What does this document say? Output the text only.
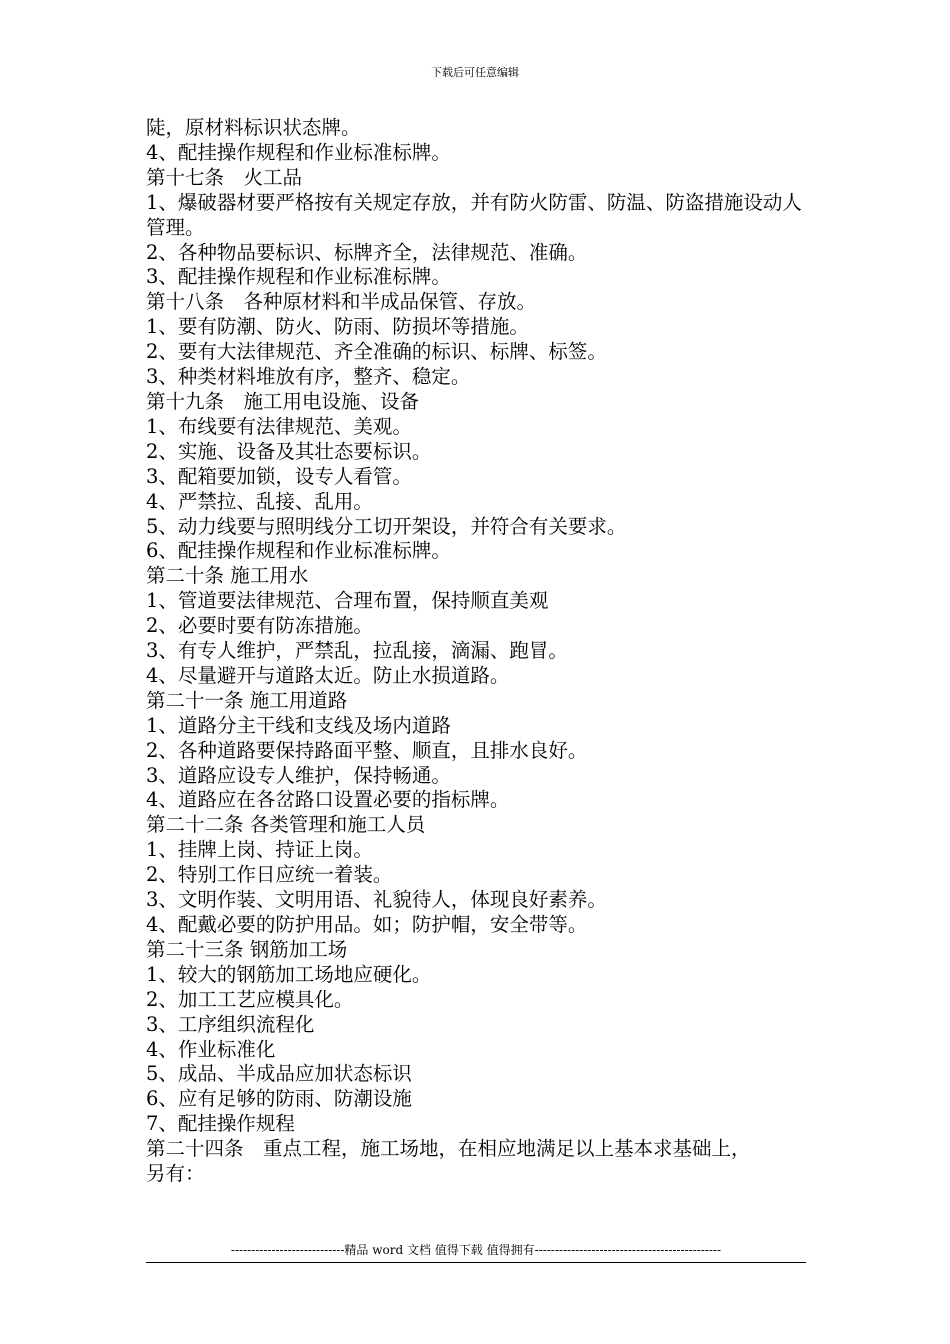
下载后可任意编辑
陡，原材料标识状态牌。
4、配挂操作规程和作业标准标牌。
第十七条　火工品
1、爆破器材要严格按有关规定存放，并有防火防雷、防温、防盗措施设动人管理。
2、各种物品要标识、标牌齐全，法律规范、准确。
3、配挂操作规程和作业标准标牌。
第十八条　各种原材料和半成品保管、存放。
1、要有防潮、防火、防雨、防损坏等措施。
2、要有大法律规范、齐全准确的标识、标牌、标签。
3、种类材料堆放有序，整齐、稳定。
第十九条　施工用电设施、设备
1、布线要有法律规范、美观。
2、实施、设备及其壮态要标识。
3、配箱要加锁，设专人看管。
4、严禁拉、乱接、乱用。
5、动力线要与照明线分工切开架设，并符合有关要求。
6、配挂操作规程和作业标准标牌。
第二十条 施工用水
1、管道要法律规范、合理布置，保持顺直美观
2、必要时要有防冻措施。
3、有专人维护，严禁乱，拉乱接，滴漏、跑冒。
4、尽量避开与道路太近。防止水损道路。
第二十一条 施工用道路
1、道路分主干线和支线及场内道路
2、各种道路要保持路面平整、顺直，且排水良好。
3、道路应设专人维护，保持畅通。
4、道路应在各岔路口设置必要的指标牌。
第二十二条 各类管理和施工人员
1、挂牌上岗、持证上岗。
2、特别工作日应统一着装。
3、文明作装、文明用语、礼貌待人，体现良好素养。
4、配戴必要的防护用品。如；防护帽，安全带等。
第二十三条 钢筋加工场
1、较大的钢筋加工场地应硬化。
2、加工工艺应模具化。
3、工序组织流程化
4、作业标准化
5、成品、半成品应加状态标识
6、应有足够的防雨、防潮设施
7、配挂操作规程
第二十四条　重点工程，施工场地，在相应地满足以上基本求基础上，
另有：
----------------------------精品 word 文档 值得下载 值得拥有----------------------------------------------
